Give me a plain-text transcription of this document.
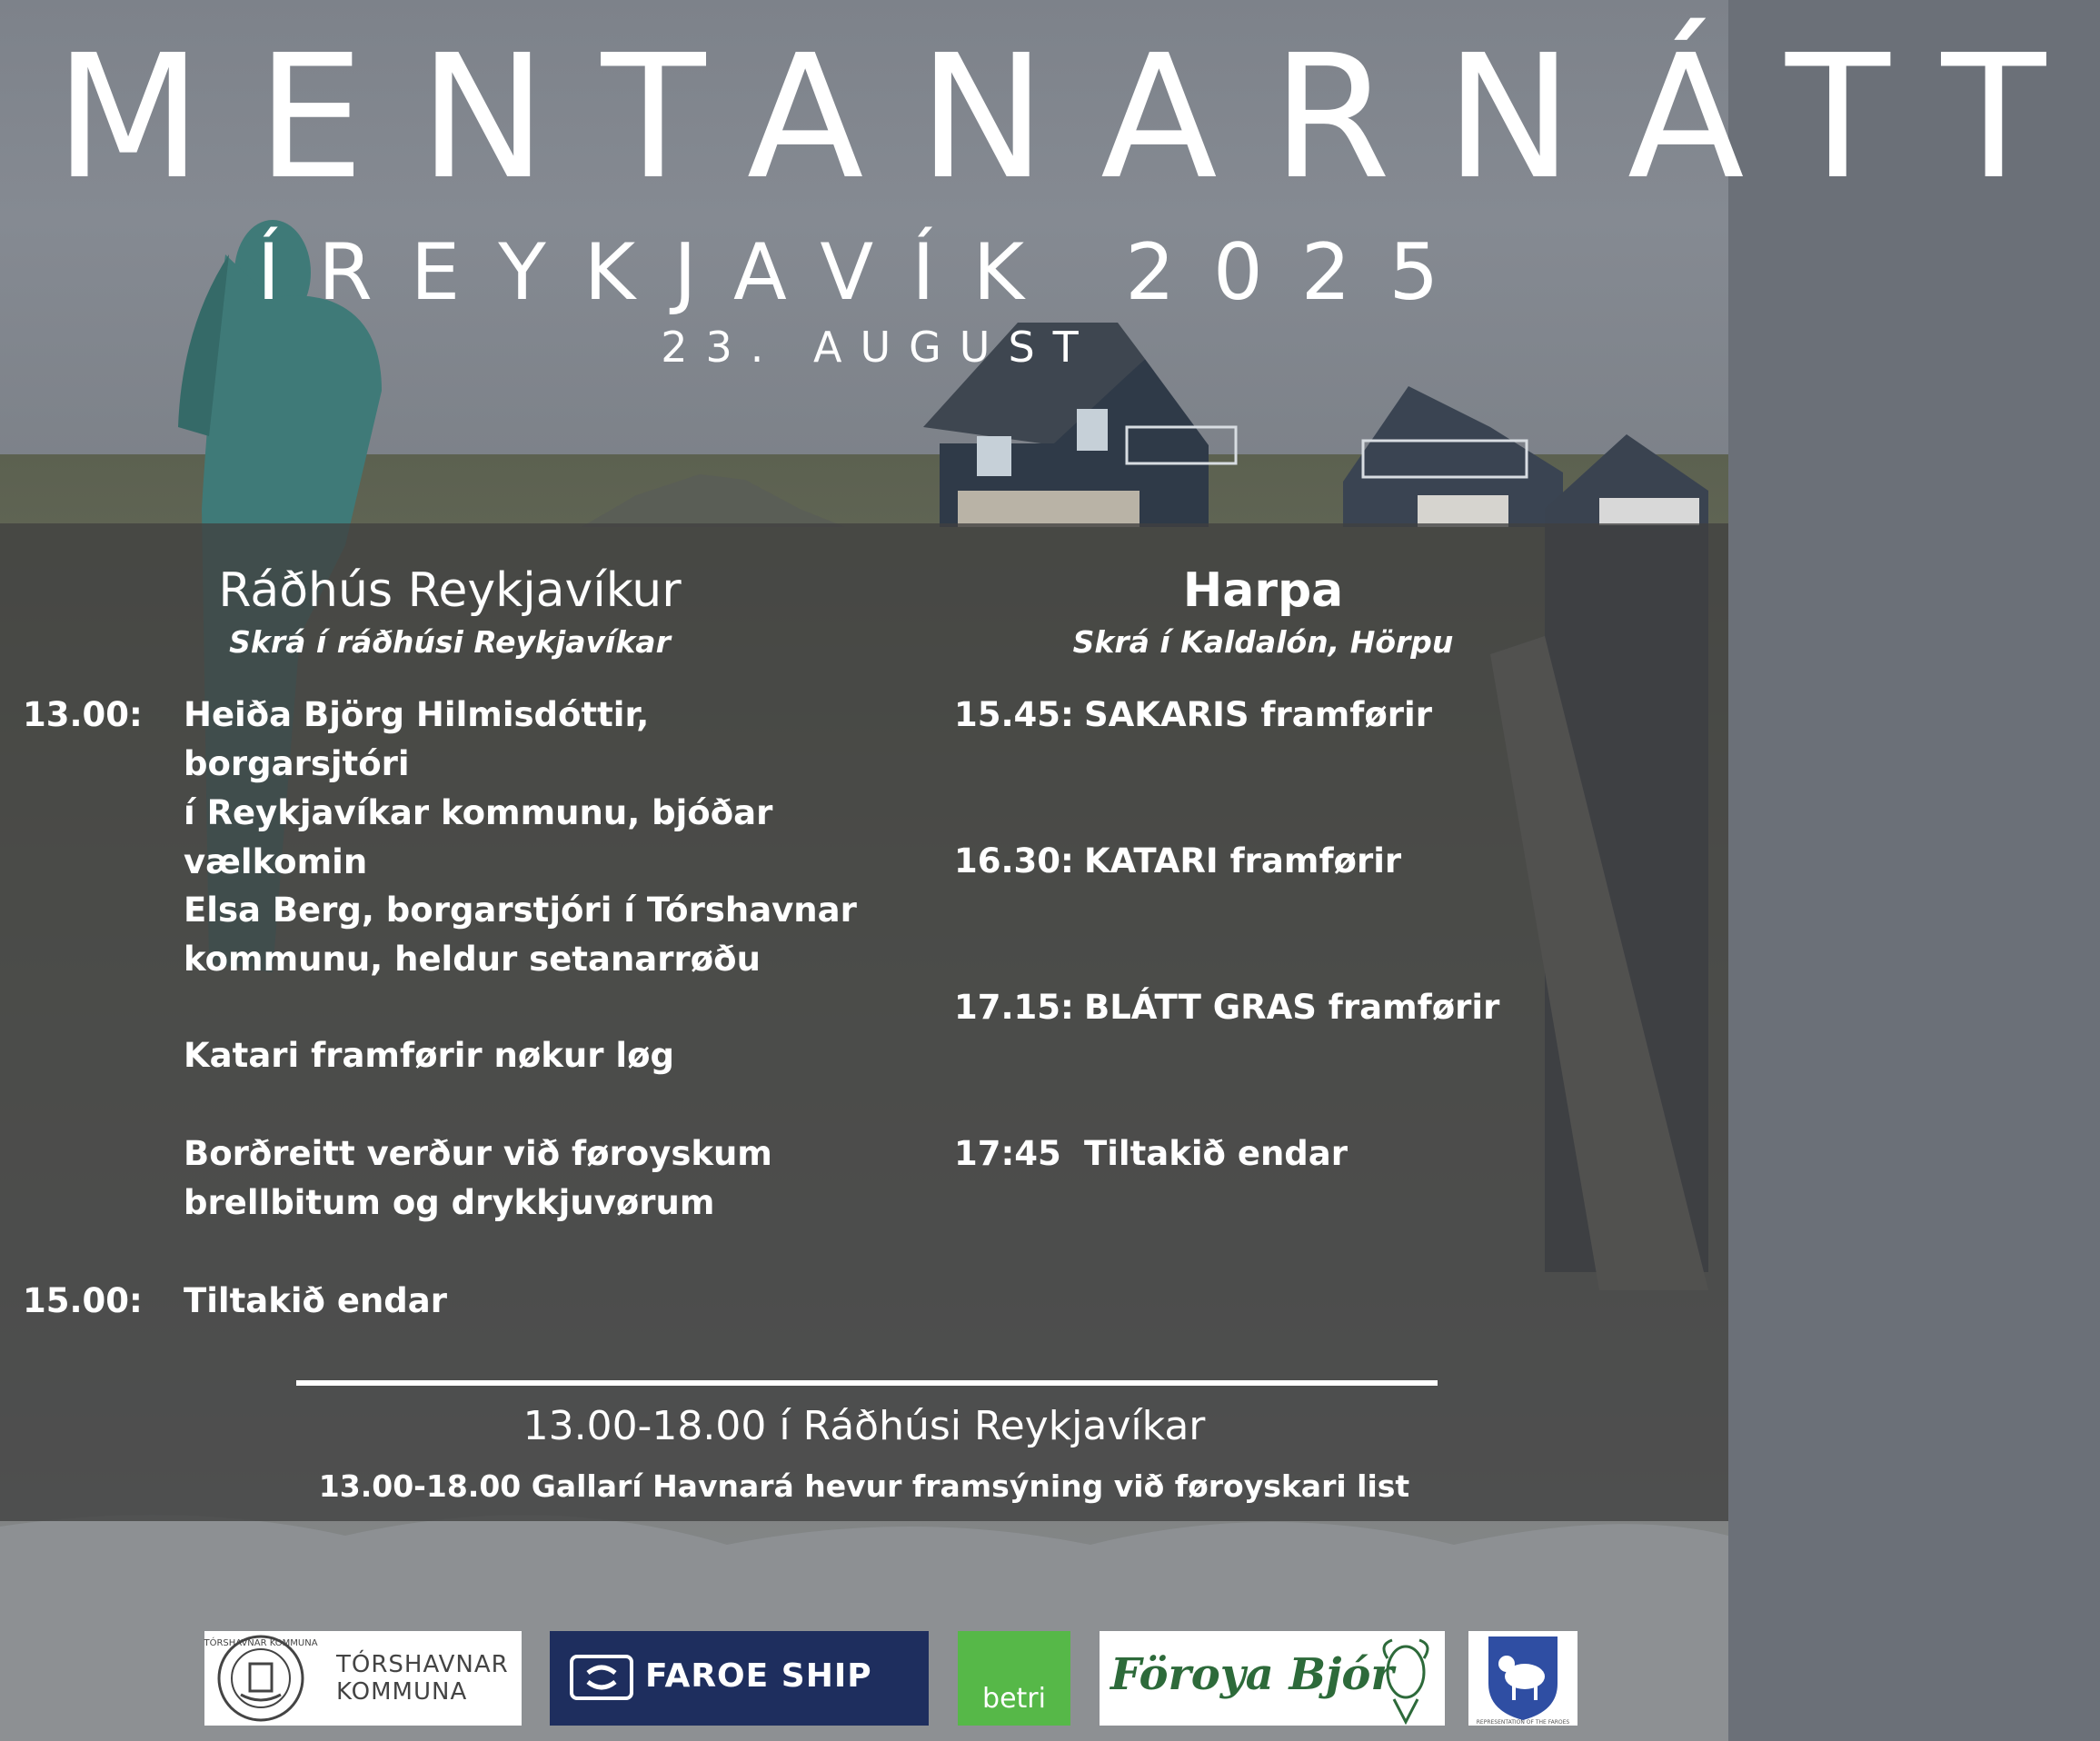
MENTANARNÁTT
ÍREYKJAVÍK 2025
23. AUGUST
Ráðhús Reykjavíkur
Skrá í ráðhúsi Reykjavíkar
Harpa
Skrá í Kaldalón, Hörpu
13.00: Heiða Björg Hilmisdóttir, borgarsjtóri
í Reykjavíkar kommunu, bjóðar
vælkomin
Elsa Berg, borgarstjóri í Tórshavnar
kommunu, heldur setanarrøðu
Katari framførir nøkur løg
Borðreitt verður við føroyskum
brellbitum og drykkjuvørum
15.00: Tiltakið endar
15.45: SAKARIS framførir
16.30: KATARI framførir
17.15: BLÁTT GRAS framførir
17:45 Tiltakið endar
13.00-18.00 í Ráðhúsi Reykjavíkar
13.00-18.00 Gallarí Havnará hevur framsýning við føroyskari list
TÓRSHAVNAR KOMMUNA
TÓRSHAVNAR
KOMMUNA	FAROE SHIP
betri	Föroya Bjór
REPRESENTATION OF THE FAROES
